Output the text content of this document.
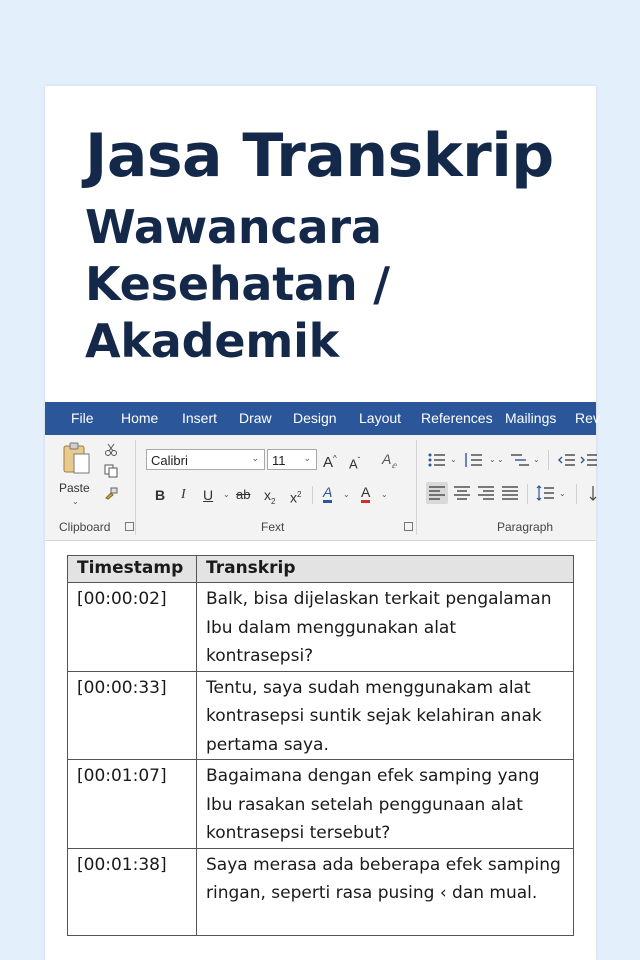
Jasa Transkrip
Wawancara
Kesehatan /
Akademik
File Home Insert Draw Design Layout References Mailings Rev
Paste
⌄
Clipboard
Calibri	⌄	11 ⌄ A^ $A^ˇ$ $A_ⅇ$
B I U ⌄ ab $x_2$ $x^2$ A ⌄ A ⌄
Fext
⌄	⌄ ⌄	⌄
⌄
Paragraph
Timestamp	Transkrip
[00:00:02]	Balk, bisa dijelaskan terkait pengalaman Ibu dalam menggunakan alat kontrasepsi?
[00:00:33]	Tentu, saya sudah menggunakam alat kontrasepsi suntik sejak kelahiran anak pertama saya.
[00:01:07]	Bagaimana dengan efek samping yang Ibu rasakan setelah penggunaan alat kontrasepsi tersebut?
[00:01:38]	Saya merasa ada beberapa efek samping ringan, seperti rasa pusing ‹ dan mual.
